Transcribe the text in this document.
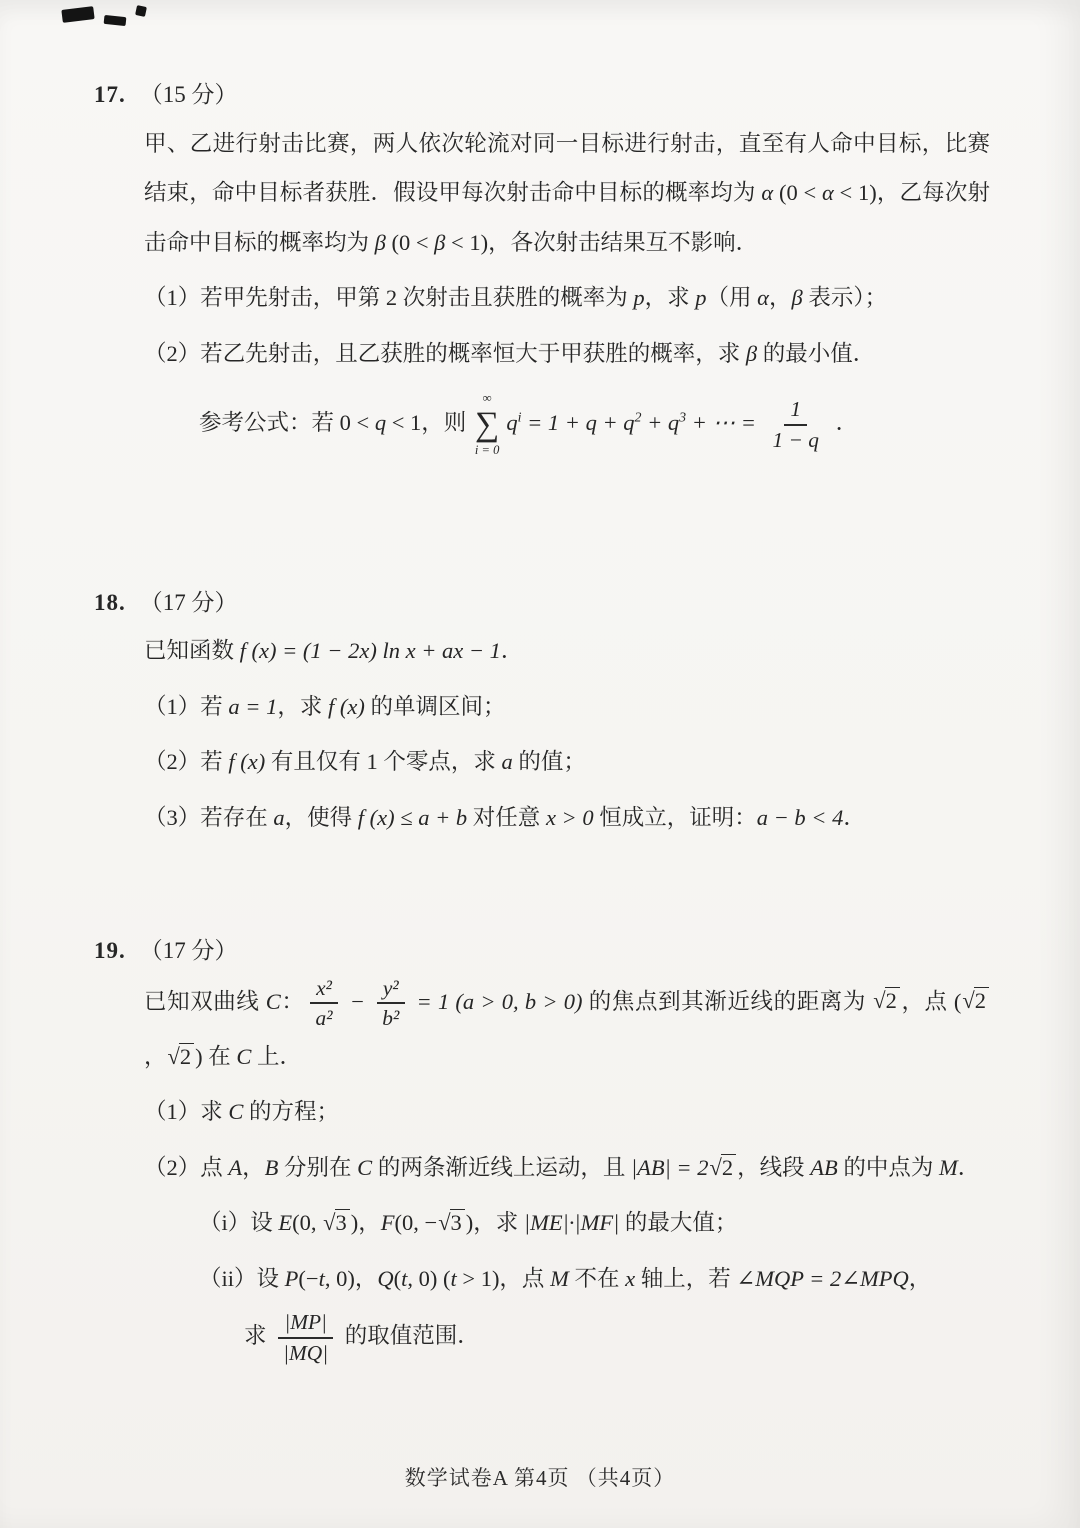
17. （15 分）

甲、乙进行射击比赛，两人依次轮流对同一目标进行射击，直至有人命中目标，比赛结束，命中目标者获胜．假设甲每次射击命中目标的概率均为 α (0 < α < 1)，乙每次射击命中目标的概率均为 β (0 < β < 1)，各次射击结果互不影响．

（1）若甲先射击，甲第 2 次射击且获胜的概率为 p，求 p（用 α，β 表示）；

（2）若乙先射击，且乙获胜的概率恒大于甲获胜的概率，求 β 的最小值．

参考公式：若 0 < q < 1，则
∞
∑
i = 0
$q^i = 1 + q + q^2 + q^3$ + ⋯ = $\frac{1}{1 - q}$ ．

18. （17 分）

已知函数 f (x) = (1 − 2x) ln x + ax − 1．

（1）若 a = 1，求 f (x) 的单调区间；

（2）若 f (x) 有且仅有 1 个零点，求 a 的值；

（3）若存在 a，使得 f (x) ≤ a + b 对任意 x > 0 恒成立，证明：a − b < 4．

19. （17 分）

已知双曲线 C： $\frac{\text{x²}}{\text{a²}} - \frac{\text{y²}}{\text{b²}} = 1$ (a > 0, b > 0) 的焦点到其渐近线的距离为 √2 ，点 (√2，√2 ) 在 C 上．

（1）求 C 的方程；

（2）点 A，B 分别在 C 的两条渐近线上运动，且 |AB| = 2√2 ，线段 AB 的中点为 M．

（i）设 E(0, √3 )，F(0, −√3 )，求 |ME|·|MF| 的最大值；

（ii）设 P(−t, 0)，Q(t, 0) (t > 1)，点 M 不在 x 轴上，若 ∠MQP = 2∠MPQ，

求 $\frac{|MP|}{|MQ|}$ 的取值范围．

数学试卷A 第4页 （共4页）
